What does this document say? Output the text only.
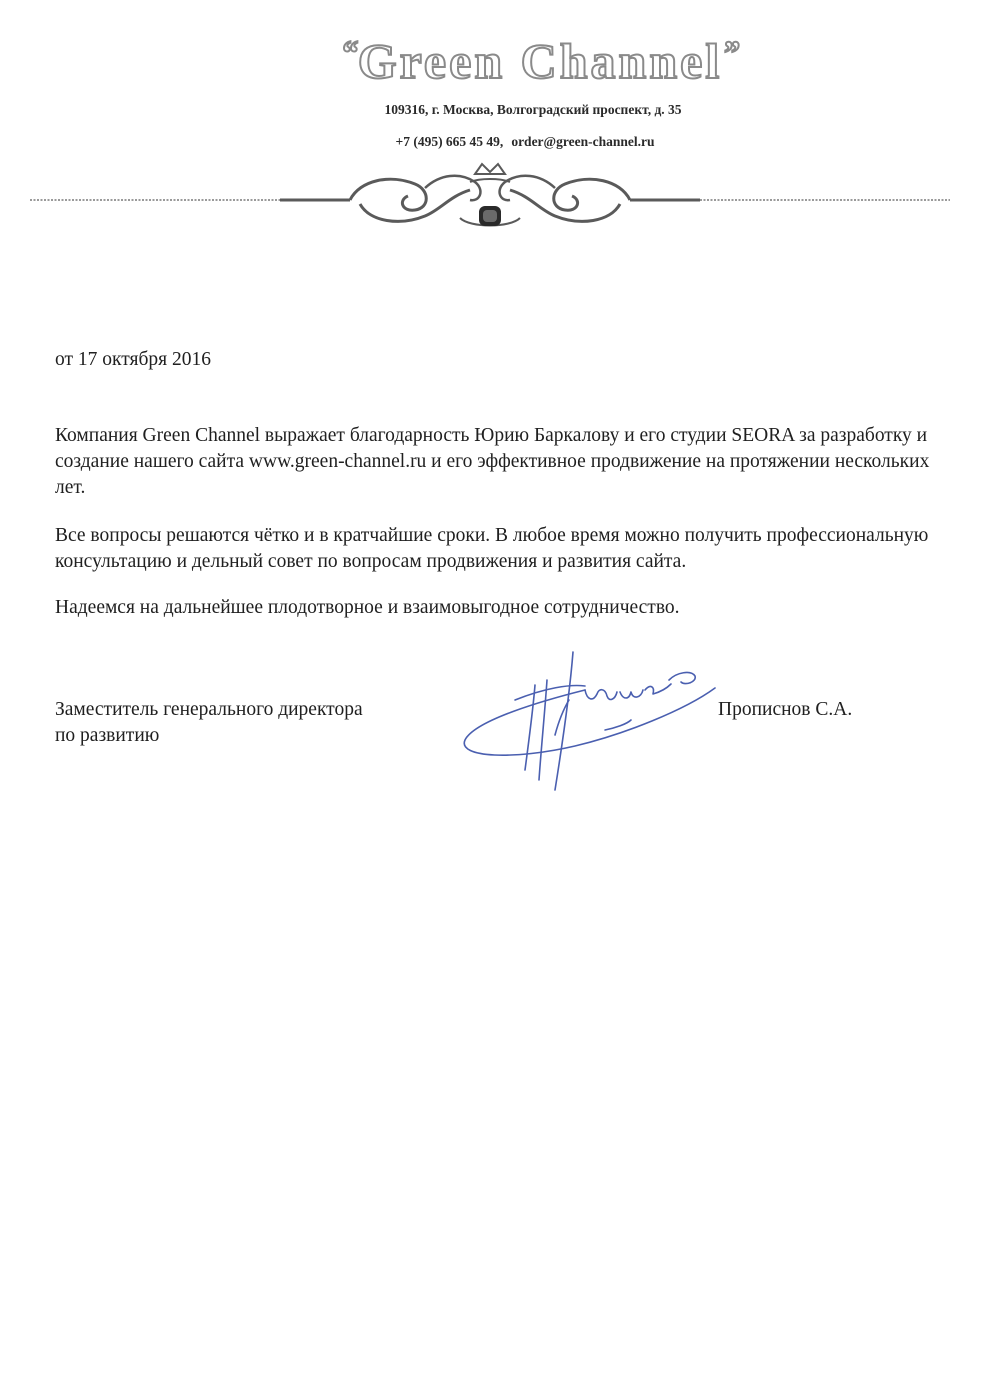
“Green Channel”
109316, г. Москва, Волгоградский проспект, д. 35
+7 (495) 665 45 49, order@green-channel.ru
от 17 октября 2016
Компания Green Channel выражает благодарность Юрию Баркалову и его студии SEORA за разработку и создание нашего сайта www.green-channel.ru и его эффективное продвижение на протяжении нескольких лет.
Все вопросы решаются чётко и в кратчайшие сроки. В любое время можно получить профессиональную консультацию и дельный совет по вопросам продвижения и развития сайта.
Надеемся на дальнейшее плодотворное и взаимовыгодное сотрудничество.
Заместитель генерального директора
по развитию
Прописнов С.А.
